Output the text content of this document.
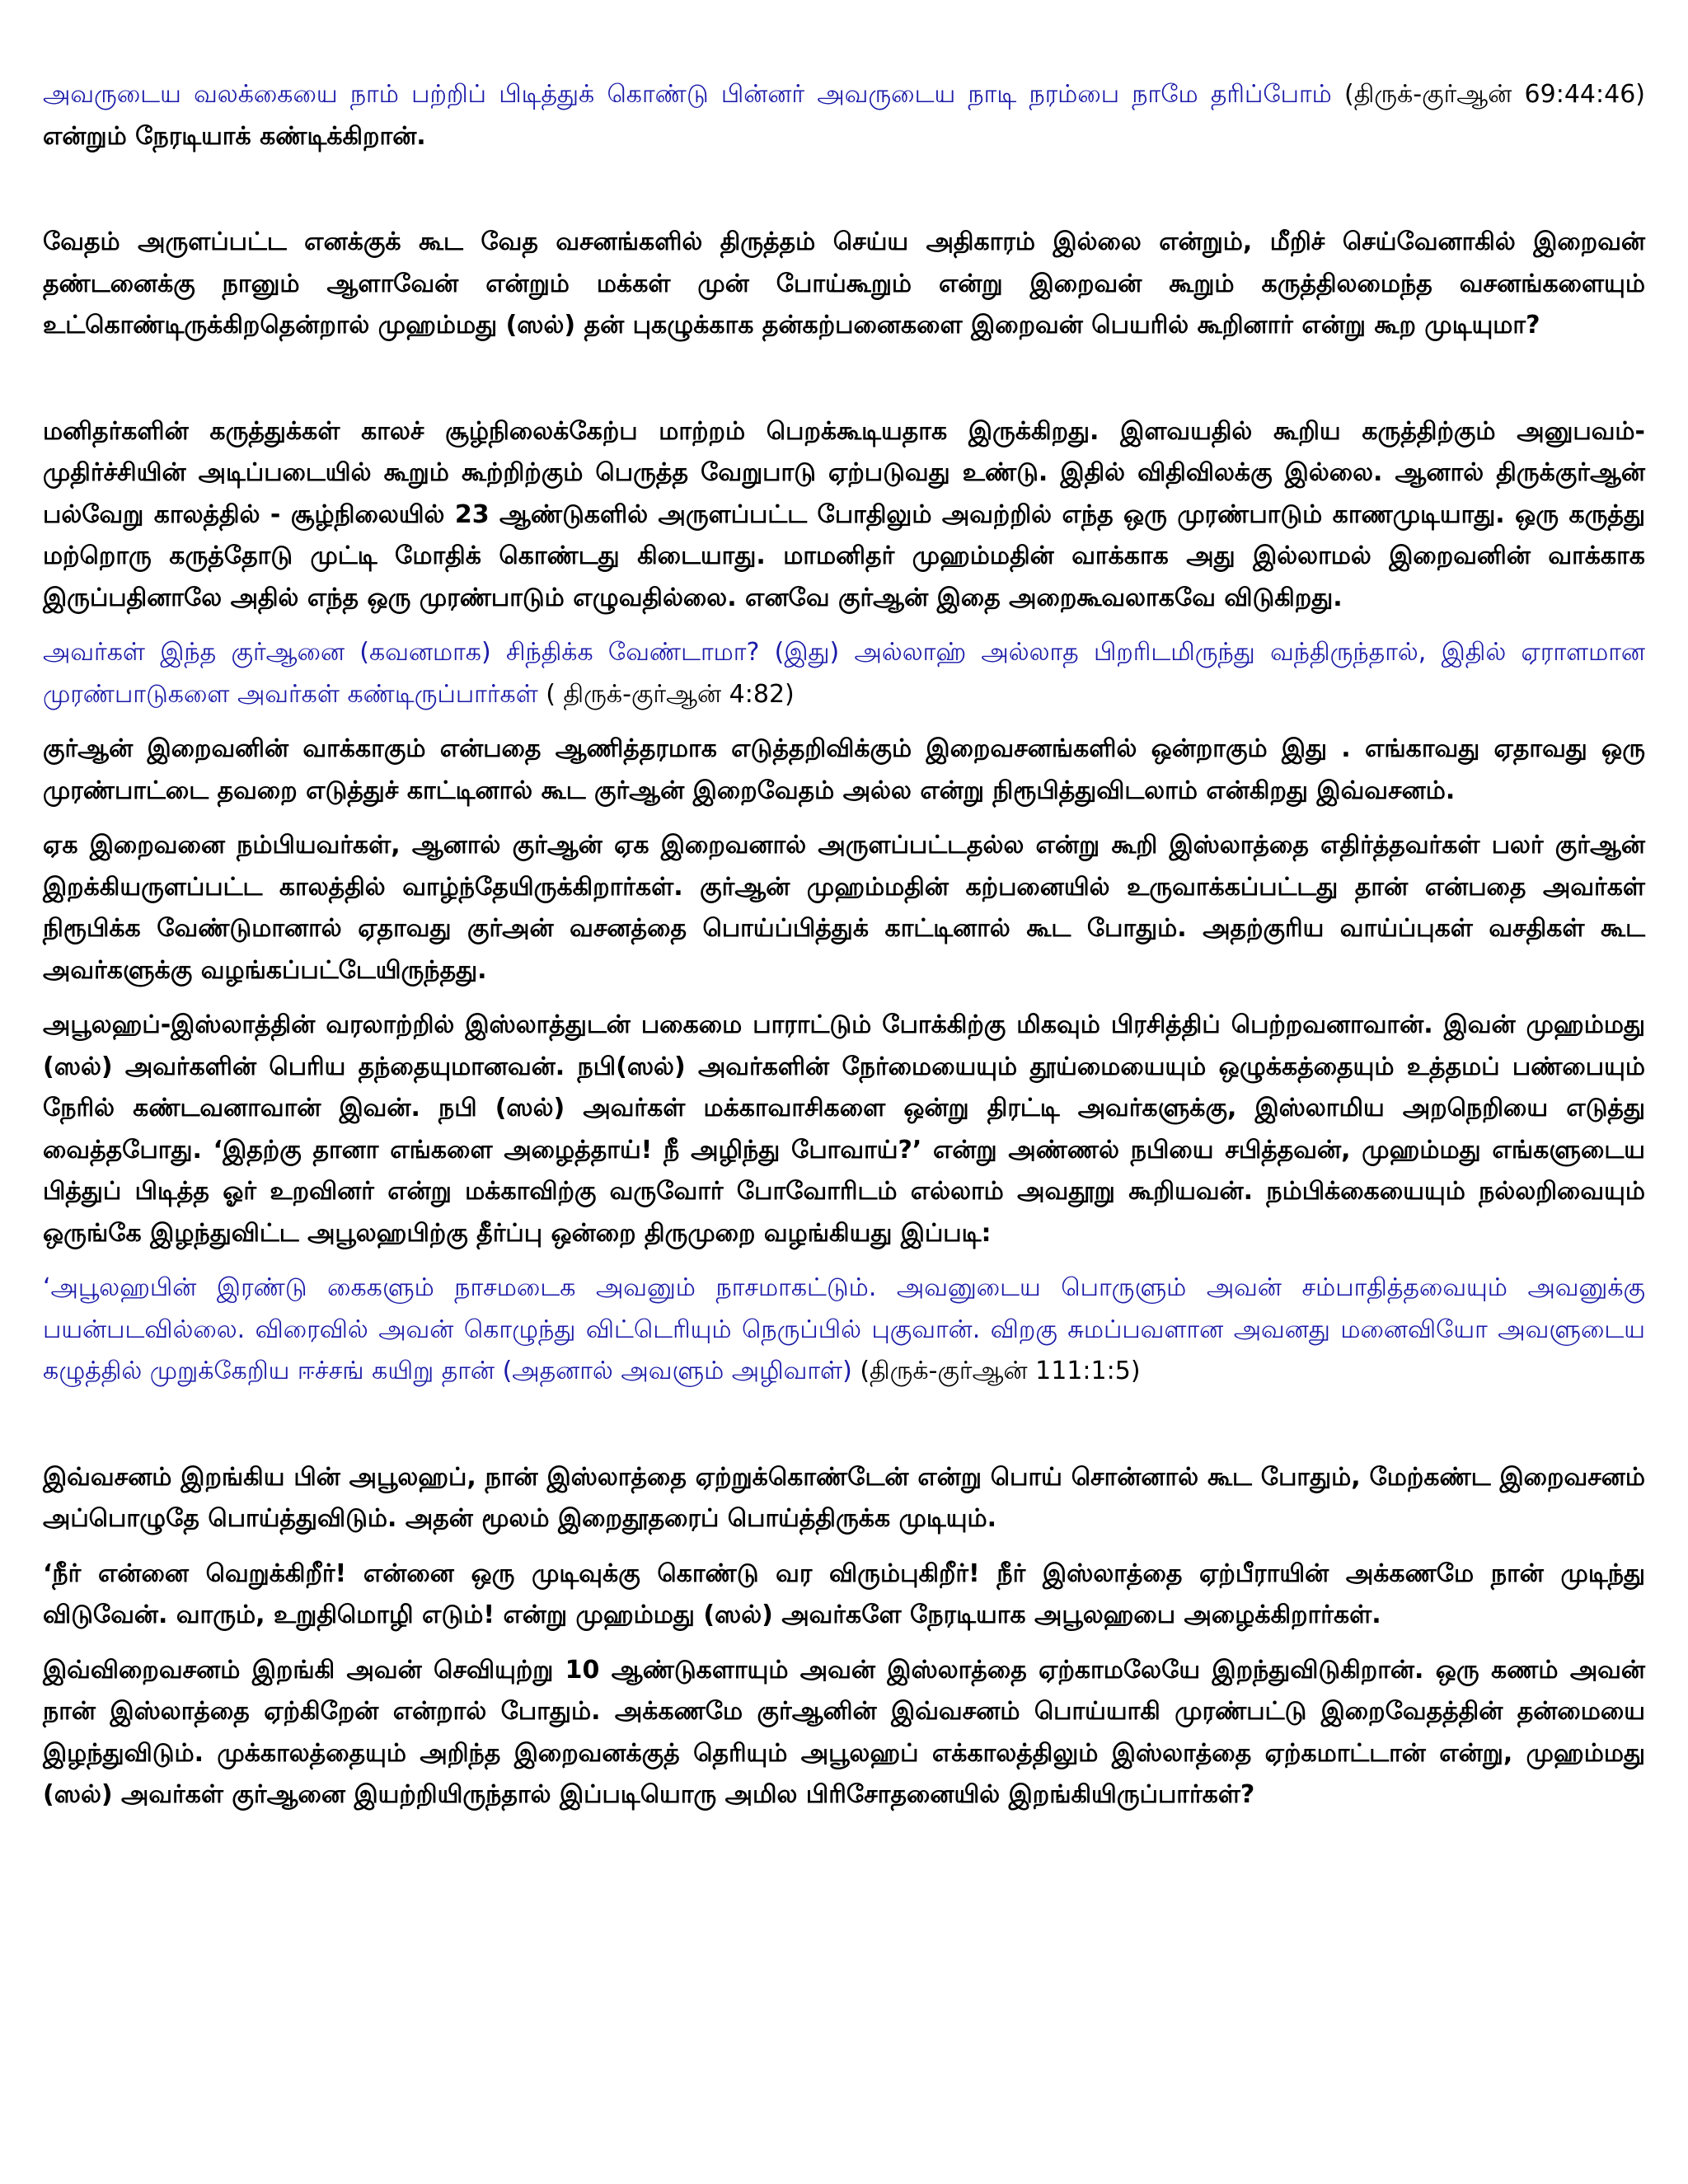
அவருடைய வலக்கையை நாம் பற்றிப் பிடித்துக் கொண்டு பின்னர் அவருடைய நாடி நரம்பை நாமே தரிப்போம் (திருக்-குர்ஆன் 69:44:46) என்றும் நேரடியாக் கண்டிக்கிறான்.

வேதம் அருளப்பட்ட எனக்குக் கூட வேத வசனங்களில் திருத்தம் செய்ய அதிகாரம் இல்லை என்றும், மீறிச் செய்வேனாகில் இறைவன் தண்டனைக்கு நானும் ஆளாவேன் என்றும் மக்கள் முன் போய்கூறும் என்று இறைவன் கூறும் கருத்திலமைந்த வசனங்களையும் உட்கொண்டிருக்கிறதென்றால் முஹம்மது (ஸல்) தன் புகழுக்காக தன்கற்பனைகளை இறைவன் பெயரில் கூறினார் என்று கூற முடியுமா?

மனிதர்களின் கருத்துக்கள் காலச் சூழ்நிலைக்கேற்ப மாற்றம் பெறக்கூடியதாக இருக்கிறது. இளவயதில் கூறிய கருத்திற்கும் அனுபவம்- முதிர்ச்சியின் அடிப்படையில் கூறும் கூற்றிற்கும் பெருத்த வேறுபாடு ஏற்படுவது உண்டு. இதில் விதிவிலக்கு இல்லை. ஆனால் திருக்குர்ஆன் பல்வேறு காலத்தில் - சூழ்நிலையில் 23 ஆண்டுகளில் அருளப்பட்ட போதிலும் அவற்றில் எந்த ஒரு முரண்பாடும் காணமுடியாது. ஒரு கருத்து மற்றொரு கருத்தோடு முட்டி மோதிக் கொண்டது கிடையாது. மாமனிதர் முஹம்மதின் வாக்காக அது இல்லாமல் இறைவனின் வாக்காக இருப்பதினாலே அதில் எந்த ஒரு முரண்பாடும் எழுவதில்லை. எனவே குர்ஆன் இதை அறைகூவலாகவே விடுகிறது.

அவர்கள் இந்த குர்ஆனை (கவனமாக) சிந்திக்க வேண்டாமா? (இது) அல்லாஹ் அல்லாத பிறரிடமிருந்து வந்திருந்தால், இதில் ஏராளமான முரண்பாடுகளை அவர்கள் கண்டிருப்பார்கள் ( திருக்-குர்ஆன் 4:82)

குர்ஆன் இறைவனின் வாக்காகும் என்பதை ஆணித்தரமாக எடுத்தறிவிக்கும் இறைவசனங்களில் ஒன்றாகும் இது . எங்காவது ஏதாவது ஒரு முரண்பாட்டை தவறை எடுத்துச் காட்டினால் கூட குர்ஆன் இறைவேதம் அல்ல என்று நிரூபித்துவிடலாம் என்கிறது இவ்வசனம்.

ஏக இறைவனை நம்பியவர்கள், ஆனால் குர்ஆன் ஏக இறைவனால் அருளப்பட்டதல்ல என்று கூறி இஸ்லாத்தை எதிர்த்தவர்கள் பலர் குர்ஆன் இறக்கியருளப்பட்ட காலத்தில் வாழ்ந்தேயிருக்கிறார்கள். குர்ஆன் முஹம்மதின் கற்பனையில் உருவாக்கப்பட்டது தான் என்பதை அவர்கள் நிரூபிக்க வேண்டுமானால் ஏதாவது குர்அன் வசனத்தை பொய்ப்பித்துக் காட்டினால் கூட போதும். அதற்குரிய வாய்ப்புகள் வசதிகள் கூட அவர்களுக்கு வழங்கப்பட்டேயிருந்தது.

அபூலஹப்-இஸ்லாத்தின் வரலாற்றில் இஸ்லாத்துடன் பகைமை பாராட்டும் போக்கிற்கு மிகவும் பிரசித்திப் பெற்றவனாவான். இவன் முஹம்மது (ஸல்) அவர்களின் பெரிய தந்தையுமானவன். நபி(ஸல்) அவர்களின் நேர்மையையும் தூய்மையையும் ஒழுக்கத்தையும் உத்தமப் பண்பையும் நேரில் கண்டவனாவான் இவன். நபி (ஸல்) அவர்கள் மக்காவாசிகளை ஒன்று திரட்டி அவர்களுக்கு, இஸ்லாமிய அறநெறியை எடுத்து வைத்தபோது. ‘இதற்கு தானா எங்களை அழைத்தாய்! நீ அழிந்து போவாய்?’ என்று அண்ணல் நபியை சபித்தவன், முஹம்மது எங்களுடைய பித்துப் பிடித்த ஓர் உறவினர் என்று மக்காவிற்கு வருவோர் போவோரிடம் எல்லாம் அவதூறு கூறியவன். நம்பிக்கையையும் நல்லறிவையும் ஒருங்கே இழந்துவிட்ட அபூலஹபிற்கு தீர்ப்பு ஒன்றை திருமுறை வழங்கியது இப்படி:

‘அபூலஹபின் இரண்டு கைகளும் நாசமடைக அவனும் நாசமாகட்டும். அவனுடைய பொருளும் அவன் சம்பாதித்தவையும் அவனுக்கு பயன்படவில்லை. விரைவில் அவன் கொழுந்து விட்டெரியும் நெருப்பில் புகுவான். விறகு சுமப்பவளான அவனது மனைவியோ அவளுடைய கழுத்தில் முறுக்கேறிய ஈச்சங் கயிறு தான் (அதனால் அவளும் அழிவாள்) (திருக்-குர்ஆன் 111:1:5)

இவ்வசனம் இறங்கிய பின் அபூலஹப், நான் இஸ்லாத்தை ஏற்றுக்கொண்டேன் என்று பொய் சொன்னால் கூட போதும், மேற்கண்ட இறைவசனம் அப்பொழுதே பொய்த்துவிடும். அதன் மூலம் இறைதூதரைப் பொய்த்திருக்க முடியும்.

‘நீர் என்னை வெறுக்கிறீர்! என்னை ஒரு முடிவுக்கு கொண்டு வர விரும்புகிறீர்! நீர் இஸ்லாத்தை ஏற்பீராயின் அக்கணமே நான் முடிந்து விடுவேன். வாரும், உறுதிமொழி எடும்! என்று முஹம்மது (ஸல்) அவர்களே நேரடியாக அபூலஹபை அழைக்கிறார்கள்.

இவ்விறைவசனம் இறங்கி அவன் செவியுற்று 10 ஆண்டுகளாயும் அவன் இஸ்லாத்தை ஏற்காமலேயே இறந்துவிடுகிறான். ஒரு கணம் அவன் நான் இஸ்லாத்தை ஏற்கிறேன் என்றால் போதும். அக்கணமே குர்ஆனின் இவ்வசனம் பொய்யாகி முரண்பட்டு இறைவேதத்தின் தன்மையை இழந்துவிடும். முக்காலத்தையும் அறிந்த இறைவனக்குத் தெரியும் அபூலஹப் எக்காலத்திலும் இஸ்லாத்தை ஏற்கமாட்டான் என்று, முஹம்மது (ஸல்) அவர்கள் குர்ஆனை இயற்றியிருந்தால் இப்படியொரு அமில பிரிசோதனையில் இறங்கியிருப்பார்கள்?
